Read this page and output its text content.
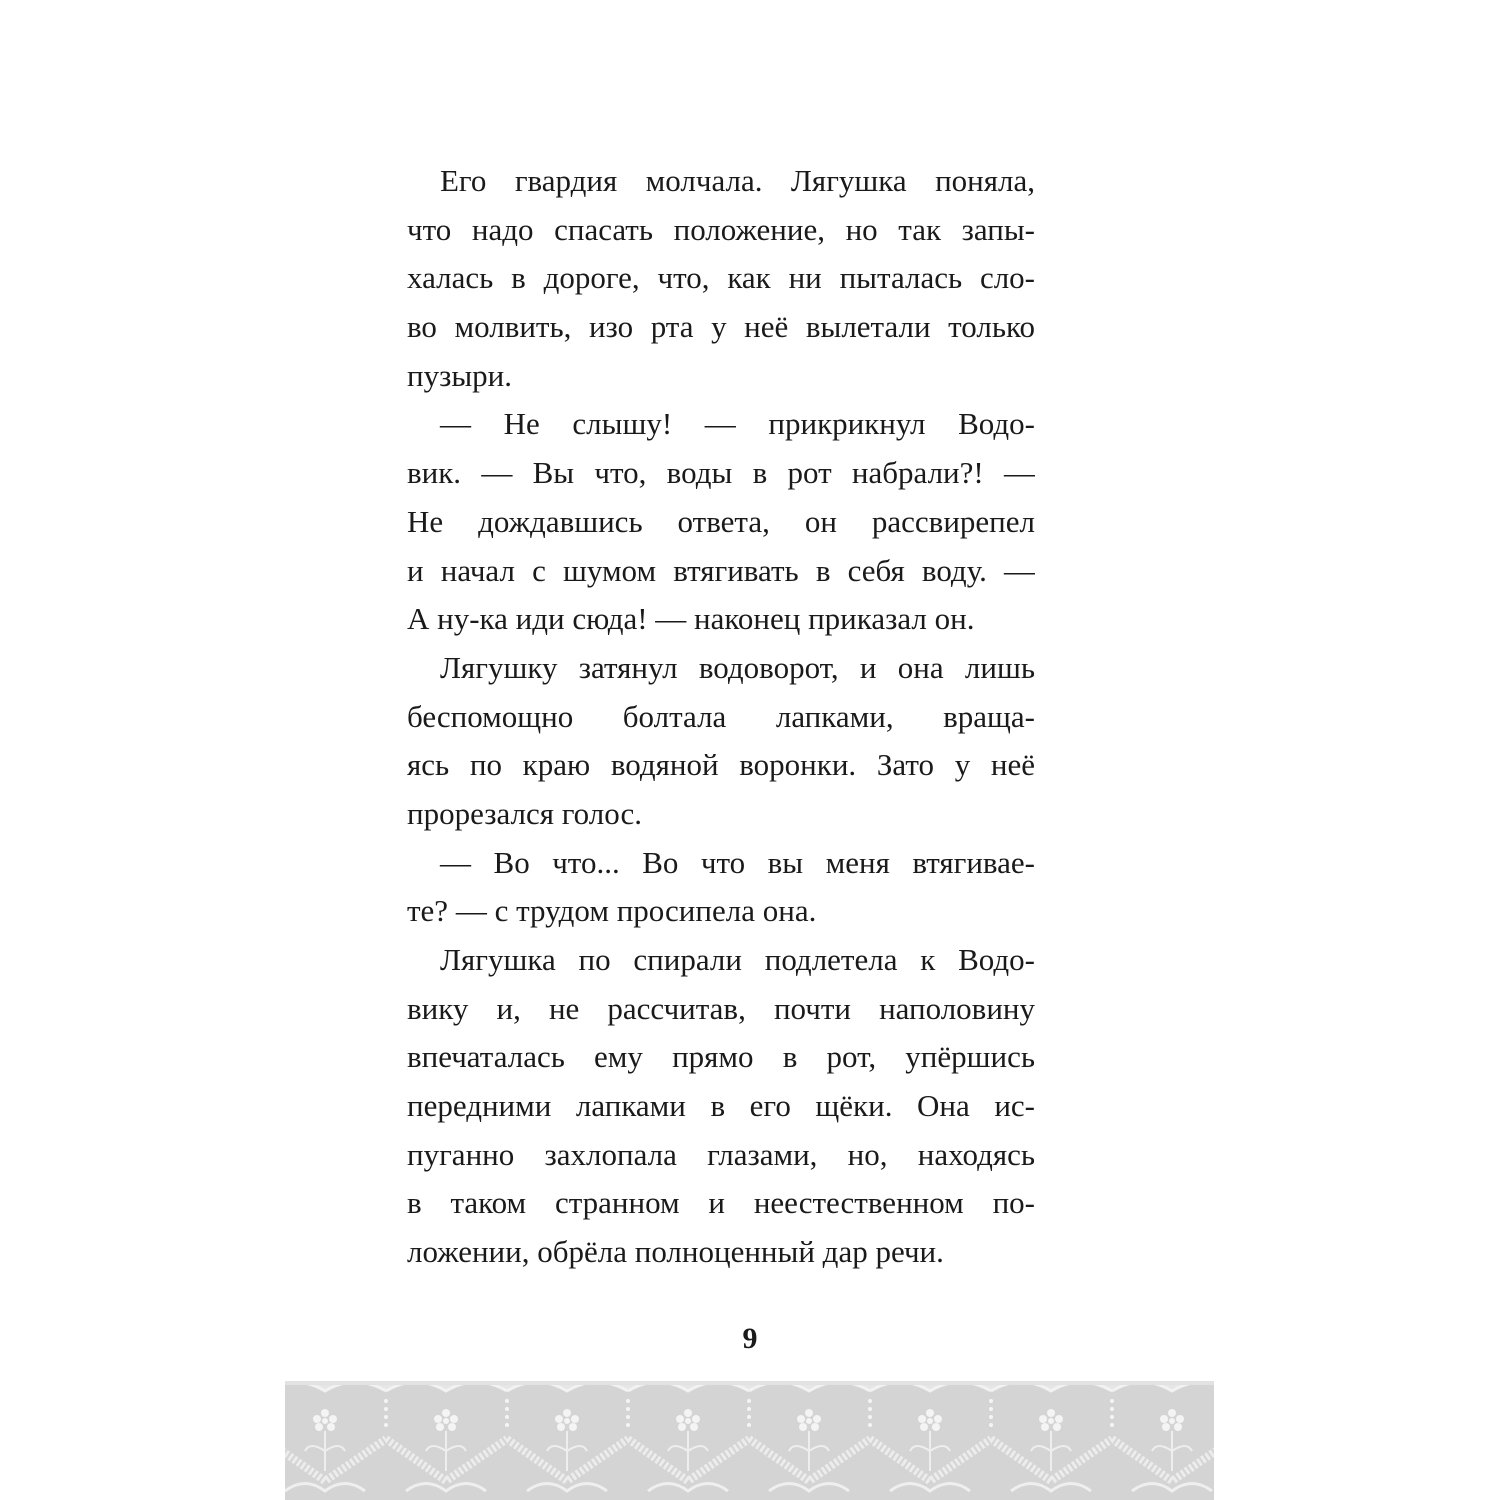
Его гвардия молчала. Лягушка поняла,
что надо спасать положение, но так запы-
халась в дороге, что, как ни пыталась сло-
во молвить, изо рта у неё вылетали только
пузыри.
— Не слышу! — прикрикнул Водо-
вик. — Вы что, воды в рот набрали?! —
Не дождавшись ответа, он рассвирепел
и начал с шумом втягивать в себя воду. —
А ну-ка иди сюда! — наконец приказал он.
Лягушку затянул водоворот, и она лишь
беспомощно болтала лапками, враща-
ясь по краю водяной воронки. Зато у неё
прорезался голос.
— Во что... Во что вы меня втягивае-
те? — с трудом просипела она.
Лягушка по спирали подлетела к Водо-
вику и, не рассчитав, почти наполовину
впечаталась ему прямо в рот, упёршись
передними лапками в его щёки. Она ис-
пуганно захлопала глазами, но, находясь
в таком странном и неестественном по-
ложении, обрёла полноценный дар речи.
9
